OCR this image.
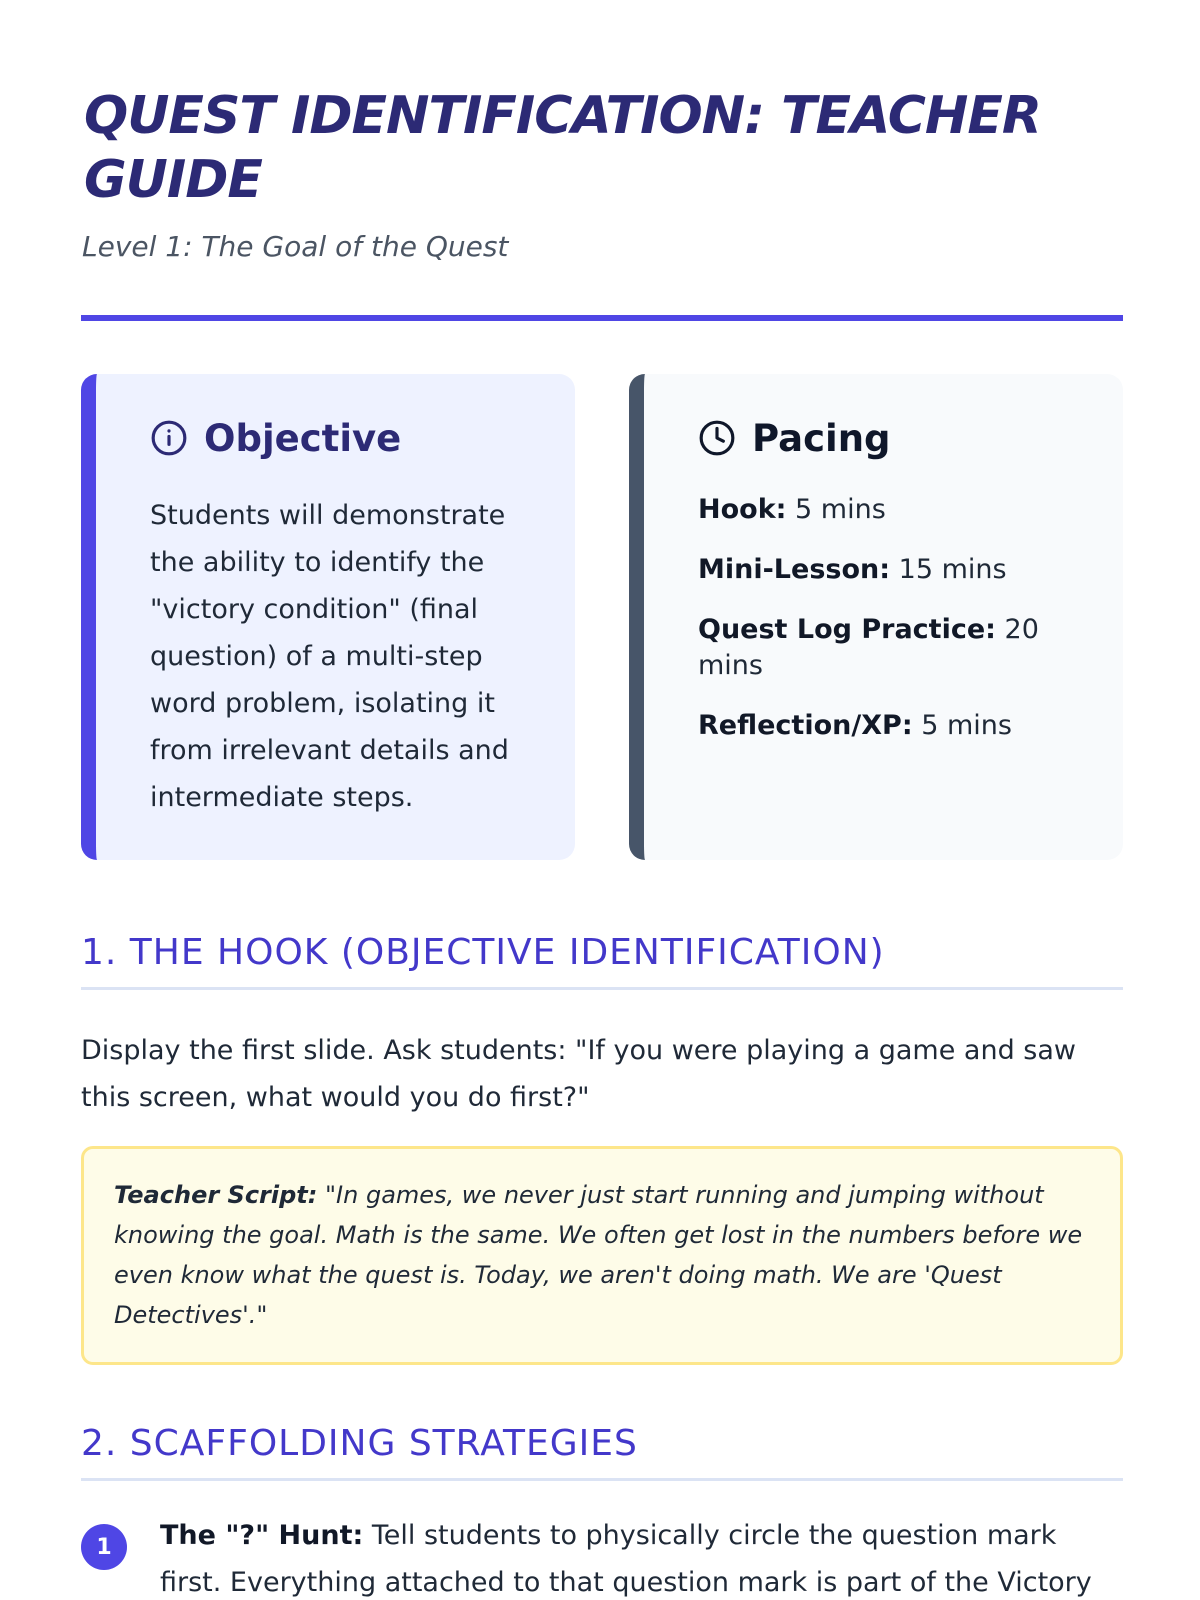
QUEST IDENTIFICATION: TEACHER GUIDE
Level 1: The Goal of the Quest
Objective

Students will demonstrate the ability to identify the "victory condition" (final question) of a multi-step word problem, isolating it from irrelevant details and intermediate steps.

Pacing
Hook: 5 mins
Mini-Lesson: 15 mins
Quest Log Practice: 20 mins
Reflection/XP: 5 mins
1. THE HOOK (OBJECTIVE IDENTIFICATION)

Display the first slide. Ask students: "If you were playing a game and saw this screen, what would you do first?"

Teacher Script: "In games, we never just start running and jumping without knowing the goal. Math is the same. We often get lost in the numbers before we even know what the quest is. Today, we aren't doing math. We are 'Quest Detectives'."
2. SCAFFOLDING STRATEGIES
1	The "?" Hunt: Tell students to physically circle the question mark first. Everything attached to that question mark is part of the Victory
